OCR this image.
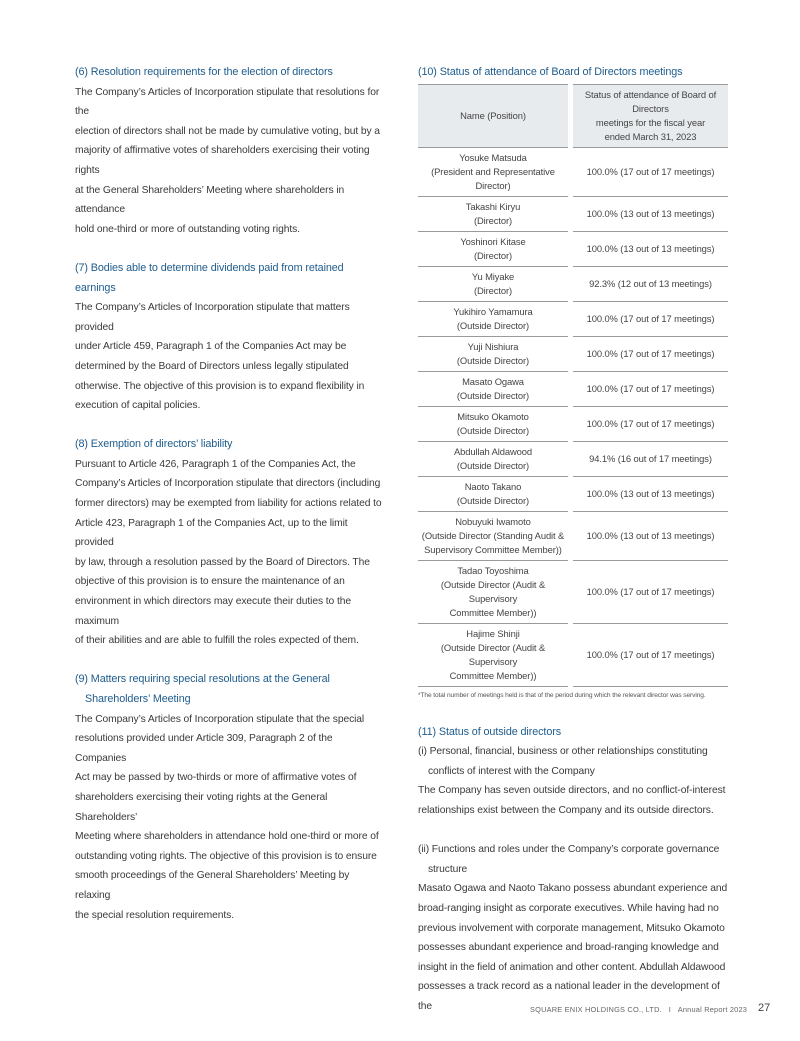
(6) Resolution requirements for the election of directors
The Company’s Articles of Incorporation stipulate that resolutions for the
election of directors shall not be made by cumulative voting, but by a
majority of affirmative votes of shareholders exercising their voting rights
at the General Shareholders’ Meeting where shareholders in attendance
hold one-third or more of outstanding voting rights.
(7) Bodies able to determine dividends paid from retained earnings
The Company’s Articles of Incorporation stipulate that matters provided
under Article 459, Paragraph 1 of the Companies Act may be
determined by the Board of Directors unless legally stipulated
otherwise. The objective of this provision is to expand flexibility in
execution of capital policies.
(8) Exemption of directors’ liability
Pursuant to Article 426, Paragraph 1 of the Companies Act, the
Company’s Articles of Incorporation stipulate that directors (including
former directors) may be exempted from liability for actions related to
Article 423, Paragraph 1 of the Companies Act, up to the limit provided
by law, through a resolution passed by the Board of Directors. The
objective of this provision is to ensure the maintenance of an
environment in which directors may execute their duties to the maximum
of their abilities and are able to fulfill the roles expected of them.
(9) Matters requiring special resolutions at the General
Shareholders’ Meeting
The Company’s Articles of Incorporation stipulate that the special
resolutions provided under Article 309, Paragraph 2 of the Companies
Act may be passed by two-thirds or more of affirmative votes of
shareholders exercising their voting rights at the General Shareholders’
Meeting where shareholders in attendance hold one-third or more of
outstanding voting rights. The objective of this provision is to ensure
smooth proceedings of the General Shareholders’ Meeting by relaxing
the special resolution requirements.
(10) Status of attendance of Board of Directors meetings
Name (Position)	Status of attendance of Board of Directors
meetings for the fiscal year
ended March 31, 2023

Yosuke Matsuda
(President and Representative Director)	100.0% (17 out of 17 meetings)

Takashi Kiryu
(Director)	100.0% (13 out of 13 meetings)

Yoshinori Kitase
(Director)	100.0% (13 out of 13 meetings)

Yu Miyake
(Director)	92.3% (12 out of 13 meetings)

Yukihiro Yamamura
(Outside Director)	100.0% (17 out of 17 meetings)

Yuji Nishiura
(Outside Director)	100.0% (17 out of 17 meetings)

Masato Ogawa
(Outside Director)	100.0% (17 out of 17 meetings)

Mitsuko Okamoto
(Outside Director)	100.0% (17 out of 17 meetings)

Abdullah Aldawood
(Outside Director)	94.1% (16 out of 17 meetings)

Naoto Takano
(Outside Director)	100.0% (13 out of 13 meetings)

Nobuyuki Iwamoto
(Outside Director (Standing Audit &
Supervisory Committee Member))	100.0% (13 out of 13 meetings)

Tadao Toyoshima
(Outside Director (Audit & Supervisory
Committee Member))	100.0% (17 out of 17 meetings)

Hajime Shinji
(Outside Director (Audit & Supervisory
Committee Member))	100.0% (17 out of 17 meetings)
*The total number of meetings held is that of the period during which the relevant director was serving.
(11) Status of outside directors
(i) Personal, financial, business or other relationships constituting
conflicts of interest with the Company
The Company has seven outside directors, and no conflict-of-interest
relationships exist between the Company and its outside directors.
(ii) Functions and roles under the Company’s corporate governance
structure
Masato Ogawa and Naoto Takano possess abundant experience and
broad-ranging insight as corporate executives. While having had no
previous involvement with corporate management, Mitsuko Okamoto
possesses abundant experience and broad-ranging knowledge and
insight in the field of animation and other content. Abdullah Aldawood
possesses a track record as a national leader in the development of the	SQUARE ENIX HOLDINGS CO., LTD. I Annual Report 2023 27
